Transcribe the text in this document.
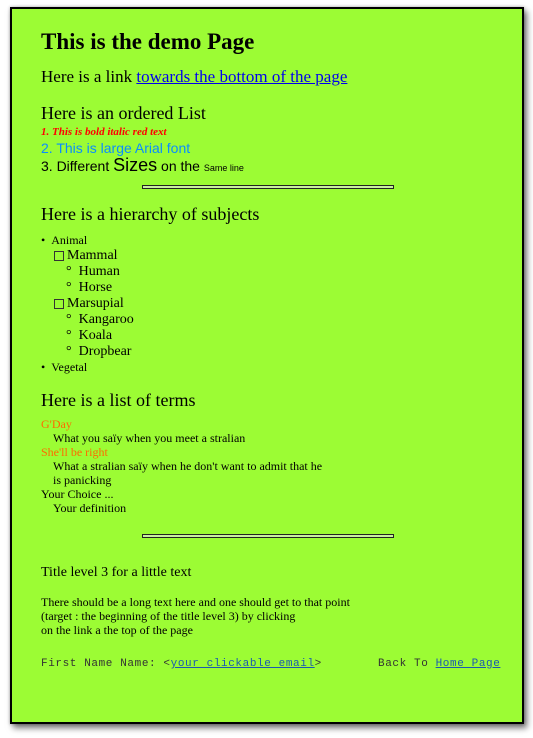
This is the demo Page
Here is a link towards the bottom of the page
Here is an ordered List
1. This is bold italic red text
2. This is large Arial font
3. Different Sizes on the Same line
Here is a hierarchy of subjects
•  Animal
Mammal
°  Human
°  Horse
Marsupial
°  Kangaroo
°  Koala
°  Dropbear
•  Vegetal
Here is a list of terms
G'Day
What you saïy when you meet a stralian
She'll be right
What a stralian saïy when he don't want to admit that he
is panicking
Your Choice ...
Your definition
Title level 3 for a little text
There should be a long text here and one should get to that point
(target : the beginning of the title level 3) by clicking
on the link a the top of the page
First Name Name: <your clickable email>	Back To Home Page
